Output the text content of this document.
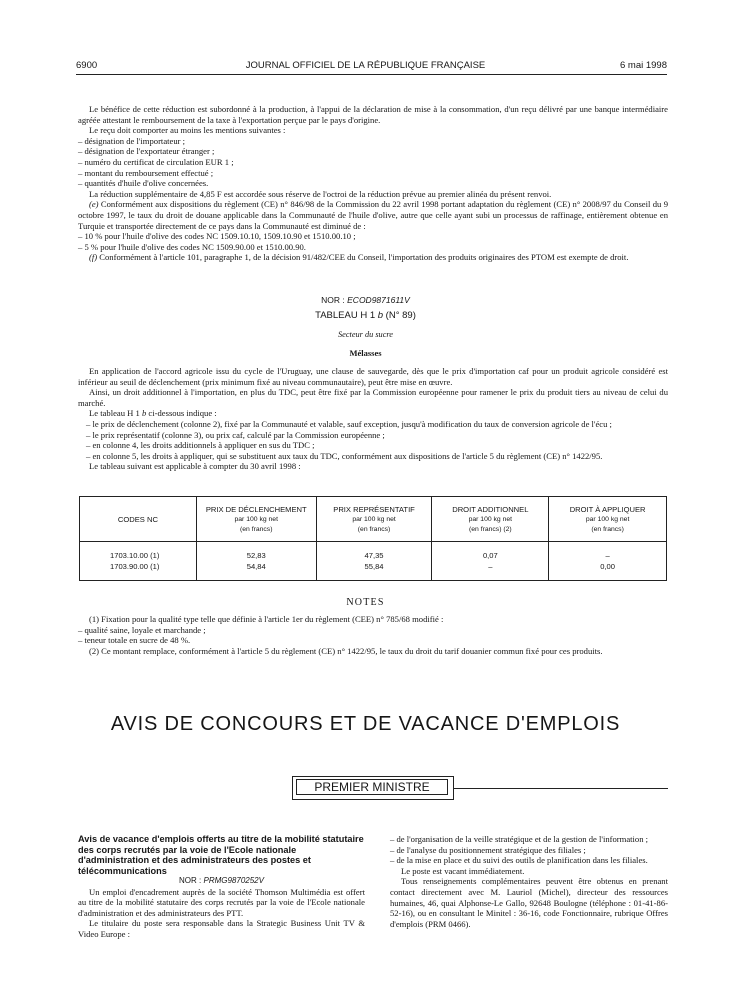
6900	JOURNAL OFFICIEL DE LA RÉPUBLIQUE FRANÇAISE	6 mai 1998

Le bénéfice de cette réduction est subordonné à la production, à l'appui de la déclaration de mise à la consommation, d'un reçu délivré par une banque intermédiaire agréée attestant le remboursement de la taxe à l'exportation perçue par le pays d'origine.

Le reçu doit comporter au moins les mentions suivantes :

– désignation de l'importateur ;
– désignation de l'exportateur étranger ;
– numéro du certificat de circulation EUR 1 ;
– montant du remboursement effectué ;
– quantités d'huile d'olive concernées.

La réduction supplémentaire de 4,85 F est accordée sous réserve de l'octroi de la réduction prévue au premier alinéa du présent renvoi.

(e) Conformément aux dispositions du règlement (CE) n° 846/98 de la Commission du 22 avril 1998 portant adaptation du règlement (CE) n° 2008/97 du Conseil du 9 octobre 1997, le taux du droit de douane applicable dans la Communauté de l'huile d'olive, autre que celle ayant subi un processus de raffinage, entièrement obtenue en Turquie et transportée directement de ce pays dans la Communauté est diminué de :

– 10 % pour l'huile d'olive des codes NC 1509.10.10, 1509.10.90 et 1510.00.10 ;
– 5 % pour l'huile d'olive des codes NC 1509.90.00 et 1510.00.90.

(f) Conformément à l'article 101, paragraphe 1, de la décision 91/482/CEE du Conseil, l'importation des produits originaires des PTOM est exempte de droit.

NOR : ECOD9871611V
TABLEAU H 1 b (N° 89)
Secteur du sucre
Mélasses

En application de l'accord agricole issu du cycle de l'Uruguay, une clause de sauvegarde, dès que le prix d'importation caf pour un produit agricole considéré est inférieur au seuil de déclenchement (prix minimum fixé au niveau communautaire), peut être mise en œuvre.

Ainsi, un droit additionnel à l'importation, en plus du TDC, peut être fixé par la Commission européenne pour ramener le prix du produit tiers au niveau de celui du marché.

Le tableau H 1 b ci-dessous indique :

– le prix de déclenchement (colonne 2), fixé par la Communauté et valable, sauf exception, jusqu'à modification du taux de conversion agricole de l'écu ;
– le prix représentatif (colonne 3), ou prix caf, calculé par la Commission européenne ;
– en colonne 4, les droits additionnels à appliquer en sus du TDC ;
– en colonne 5, les droits à appliquer, qui se substituent aux taux du TDC, conformément aux dispositions de l'article 5 du règlement (CE) n° 1422/95.

Le tableau suivant est applicable à compter du 30 avril 1998 :

CODES NC	PRIX DE DÉCLENCHEMENT
par 100 kg net
(en francs)	PRIX REPRÉSENTATIF
par 100 kg net
(en francs)	DROIT ADDITIONNEL
par 100 kg net
(en francs) (2)	DROIT À APPLIQUER
par 100 kg net
(en francs)
1703.10.00 (1)	52,83	47,35	0,07	–
1703.90.00 (1)	54,84	55,84	–	0,00
NOTES

(1) Fixation pour la qualité type telle que définie à l'article 1er du règlement (CEE) n° 785/68 modifié :

– qualité saine, loyale et marchande ;
– teneur totale en sucre de 48 %.

(2) Ce montant remplace, conformément à l'article 5 du règlement (CE) n° 1422/95, le taux du droit du tarif douanier commun fixé pour ces produits.

AVIS DE CONCOURS ET DE VACANCE D'EMPLOIS
PREMIER MINISTRE

Avis de vacance d'emplois offerts au titre de la mobilité statutaire des corps recrutés par la voie de l'Ecole nationale d'administration et des administrateurs des postes et télécommunications

NOR : PRMG9870252V

Un emploi d'encadrement auprès de la société Thomson Multimédia est offert au titre de la mobilité statutaire des corps recrutés par la voie de l'Ecole nationale d'administration et des administrateurs des PTT.

Le titulaire du poste sera responsable dans la Strategic Business Unit TV & Video Europe :

– de l'organisation de la veille stratégique et de la gestion de l'information ;
– de l'analyse du positionnement stratégique des filiales ;
– de la mise en place et du suivi des outils de planification dans les filiales.

Le poste est vacant immédiatement.

Tous renseignements complémentaires peuvent être obtenus en prenant contact directement avec M. Lauriol (Michel), directeur des ressources humaines, 46, quai Alphonse-Le Gallo, 92648 Boulogne (téléphone : 01-41-86-52-16), ou en consultant le Minitel : 36-16, code Fonctionnaire, rubrique Offres d'emplois (PRM 0466).
